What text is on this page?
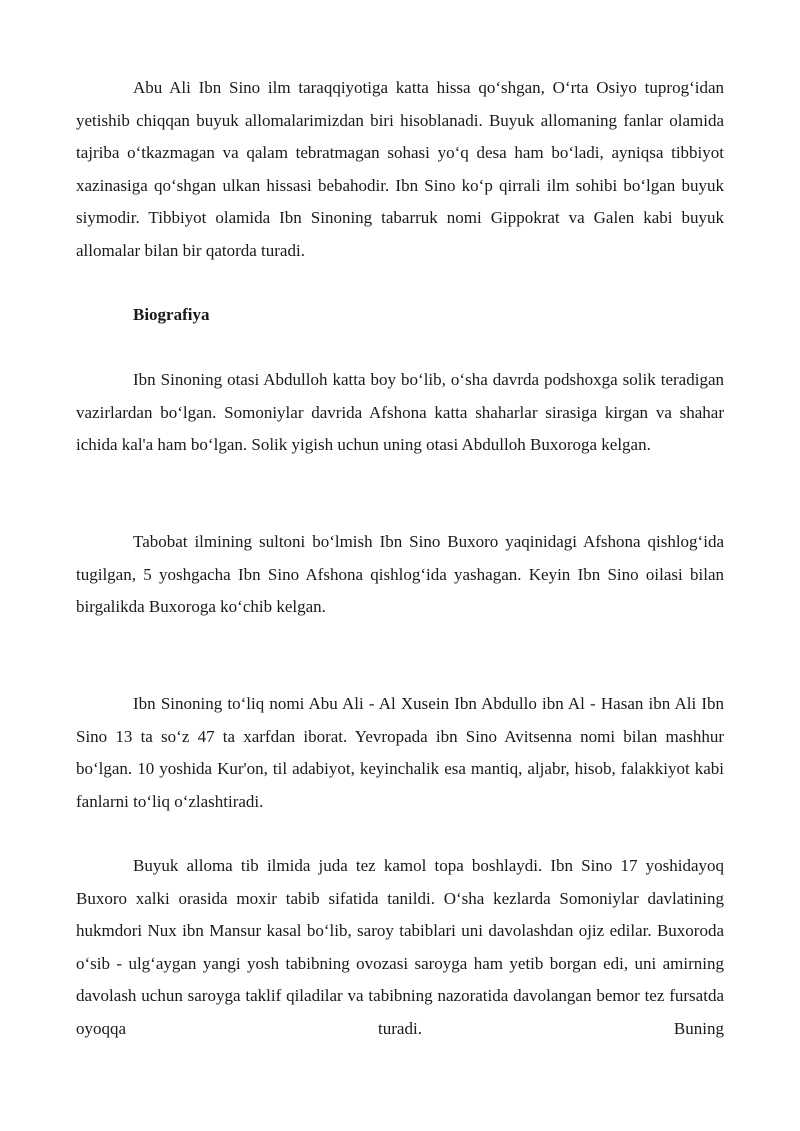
Abu Ali Ibn Sino ilm taraqqiyotiga katta hissa qo‘shgan, O‘rta Osiyo tuprog‘idan yetishib chiqqan buyuk allomalarimizdan biri hisoblanadi. Buyuk allomaning fanlar olamida tajriba o‘tkazmagan va qalam tebratmagan sohasi yo‘q desa ham bo‘ladi, ayniqsa tibbiyot xazinasiga qo‘shgan ulkan hissasi bebahodir. Ibn Sino ko‘p qirrali ilm sohibi bo‘lgan buyuk siymodir. Tibbiyot olamida Ibn Sinoning tabarruk nomi Gippokrat va Galen kabi buyuk allomalar bilan bir qatorda turadi.

Biografiya

Ibn Sinoning otasi Abdulloh katta boy bo‘lib, o‘sha davrda podshoxga solik teradigan vazirlardan bo‘lgan. Somoniylar davrida Afshona katta shaharlar sirasiga kirgan va shahar ichida kal'a ham bo‘lgan. Solik yigish uchun uning otasi Abdulloh Buxoroga kelgan.

Tabobat ilmining sultoni bo‘lmish Ibn Sino Buxoro yaqinidagi Afshona qishlog‘ida tugilgan, 5 yoshgacha Ibn Sino Afshona qishlog‘ida yashagan. Keyin Ibn Sino oilasi bilan birgalikda Buxoroga ko‘chib kelgan.

Ibn Sinoning to‘liq nomi Abu Ali - Al Xusein Ibn Abdullo ibn Al - Hasan ibn Ali Ibn Sino 13 ta so‘z 47 ta xarfdan iborat. Yevropada ibn Sino Avitsenna nomi bilan mashhur bo‘lgan. 10 yoshida Kur'on, til adabiyot, keyinchalik esa mantiq, aljabr, hisob, falakkiyot kabi fanlarni to‘liq o‘zlashtiradi.

Buyuk alloma tib ilmida juda tez kamol topa boshlaydi. Ibn Sino 17 yoshidayoq Buxoro xalki orasida moxir tabib sifatida tanildi. O‘sha kezlarda Somoniylar davlatining hukmdori Nux ibn Mansur kasal bo‘lib, saroy tabiblari uni davolashdan ojiz edilar. Buxoroda o‘sib - ulg‘aygan yangi yosh tabibning ovozasi saroyga ham yetib borgan edi, uni amirning davolash uchun saroyga taklif qiladilar va tabibning nazoratida davolangan bemor tez fursatda oyoqqa turadi. Buning
